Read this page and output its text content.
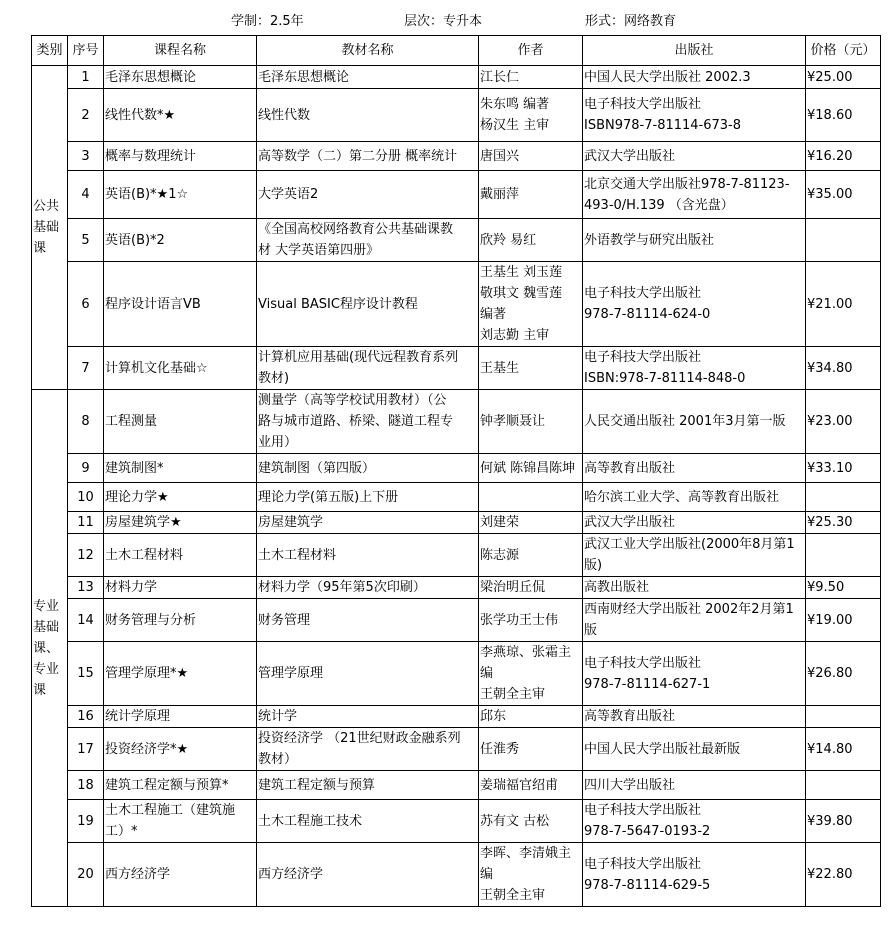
学制：2.5年	层次：专升本	形式：网络教育
类别	序号	课程名称	教材名称	作者	出版社	价格（元）
公共
基础
课	1	毛泽东思想概论	毛泽东思想概论	江长仁	中国人民大学出版社 2002.3	¥25.00
	2	线性代数*★	线性代数	朱东鸣 编著
杨汉生 主审	电子科技大学出版社
ISBN978-7-81114-673-8	¥18.60
	3	概率与数理统计	高等数学（二）第二分册 概率统计	唐国兴	武汉大学出版社	¥16.20
	4	英语(B)*★1☆	大学英语2	戴丽萍	北京交通大学出版社978-7-81123-
493-0/H.139 （含光盘）	¥35.00
	5	英语(B)*2	《全国高校网络教育公共基础课教
材 大学英语第四册》	欣羚 易红	外语教学与研究出版社	
	6	程序设计语言VB	Visual BASIC程序设计教程	王基生 刘玉莲
敬琪文 魏雪莲
编著
刘志勤 主审	电子科技大学出版社
978-7-81114-624-0	¥21.00
	7	计算机文化基础☆	计算机应用基础(现代远程教育系列
教材)	王基生	电子科技大学出版社
ISBN:978-7-81114-848-0	¥34.80
专业
基础
课、
专业
课	8	工程测量	测量学（高等学校试用教材）（公
路与城市道路、桥梁、隧道工程专
业用）	钟孝顺聂让	人民交通出版社 2001年3月第一版	¥23.00
	9	建筑制图*	建筑制图（第四版）	何斌 陈锦昌陈坤	高等教育出版社	¥33.10
	10	理论力学★	理论力学(第五版)上下册		哈尔滨工业大学、高等教育出版社	
	11	房屋建筑学★	房屋建筑学	刘建荣	武汉大学出版社	¥25.30
	12	土木工程材料	土木工程材料	陈志源	武汉工业大学出版社(2000年8月第1
版)	
	13	材料力学	材料力学（95年第5次印刷）	梁治明丘侃	高教出版社	¥9.50
	14	财务管理与分析	财务管理	张学功王士伟	西南财经大学出版社 2002年2月第1
版	¥19.00
	15	管理学原理*★	管理学原理	李燕琼、张霜主
编
王朝全主审	电子科技大学出版社
978-7-81114-627-1	¥26.80
	16	统计学原理	统计学	邱东	高等教育出版社	
	17	投资经济学*★	投资经济学 （21世纪财政金融系列
教材）	任淮秀	中国人民大学出版社最新版	¥14.80
	18	建筑工程定额与预算*	建筑工程定额与预算	姜瑞福官绍甫	四川大学出版社	
	19	土木工程施工（建筑施
工）*	土木工程施工技术	苏有文 古松	电子科技大学出版社
978-7-5647-0193-2	¥39.80
	20	西方经济学	西方经济学	李晖、李清娥主
编
王朝全主审	电子科技大学出版社
978-7-81114-629-5	¥22.80
